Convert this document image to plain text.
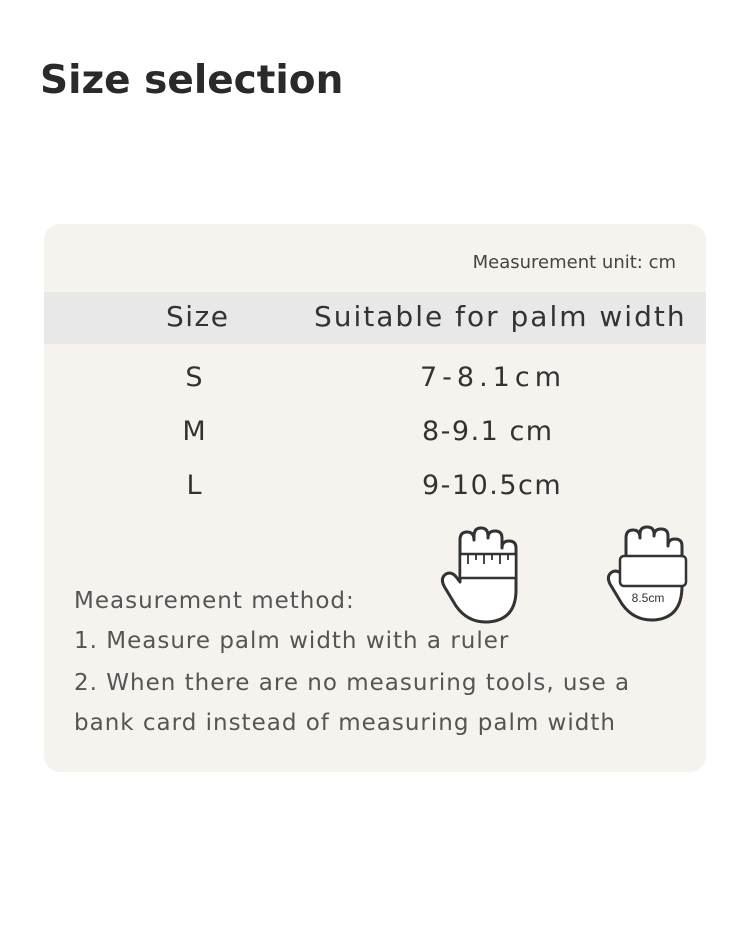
Size selection
Measurement unit: cm
Size	Suitable for palm width
S	7-8.1cm
M	8-9.1 cm
L	9-10.5cm
8.5cm
Measurement method:
1. Measure palm width with a ruler
2. When there are no measuring tools, use a
bank card instead of measuring palm width
